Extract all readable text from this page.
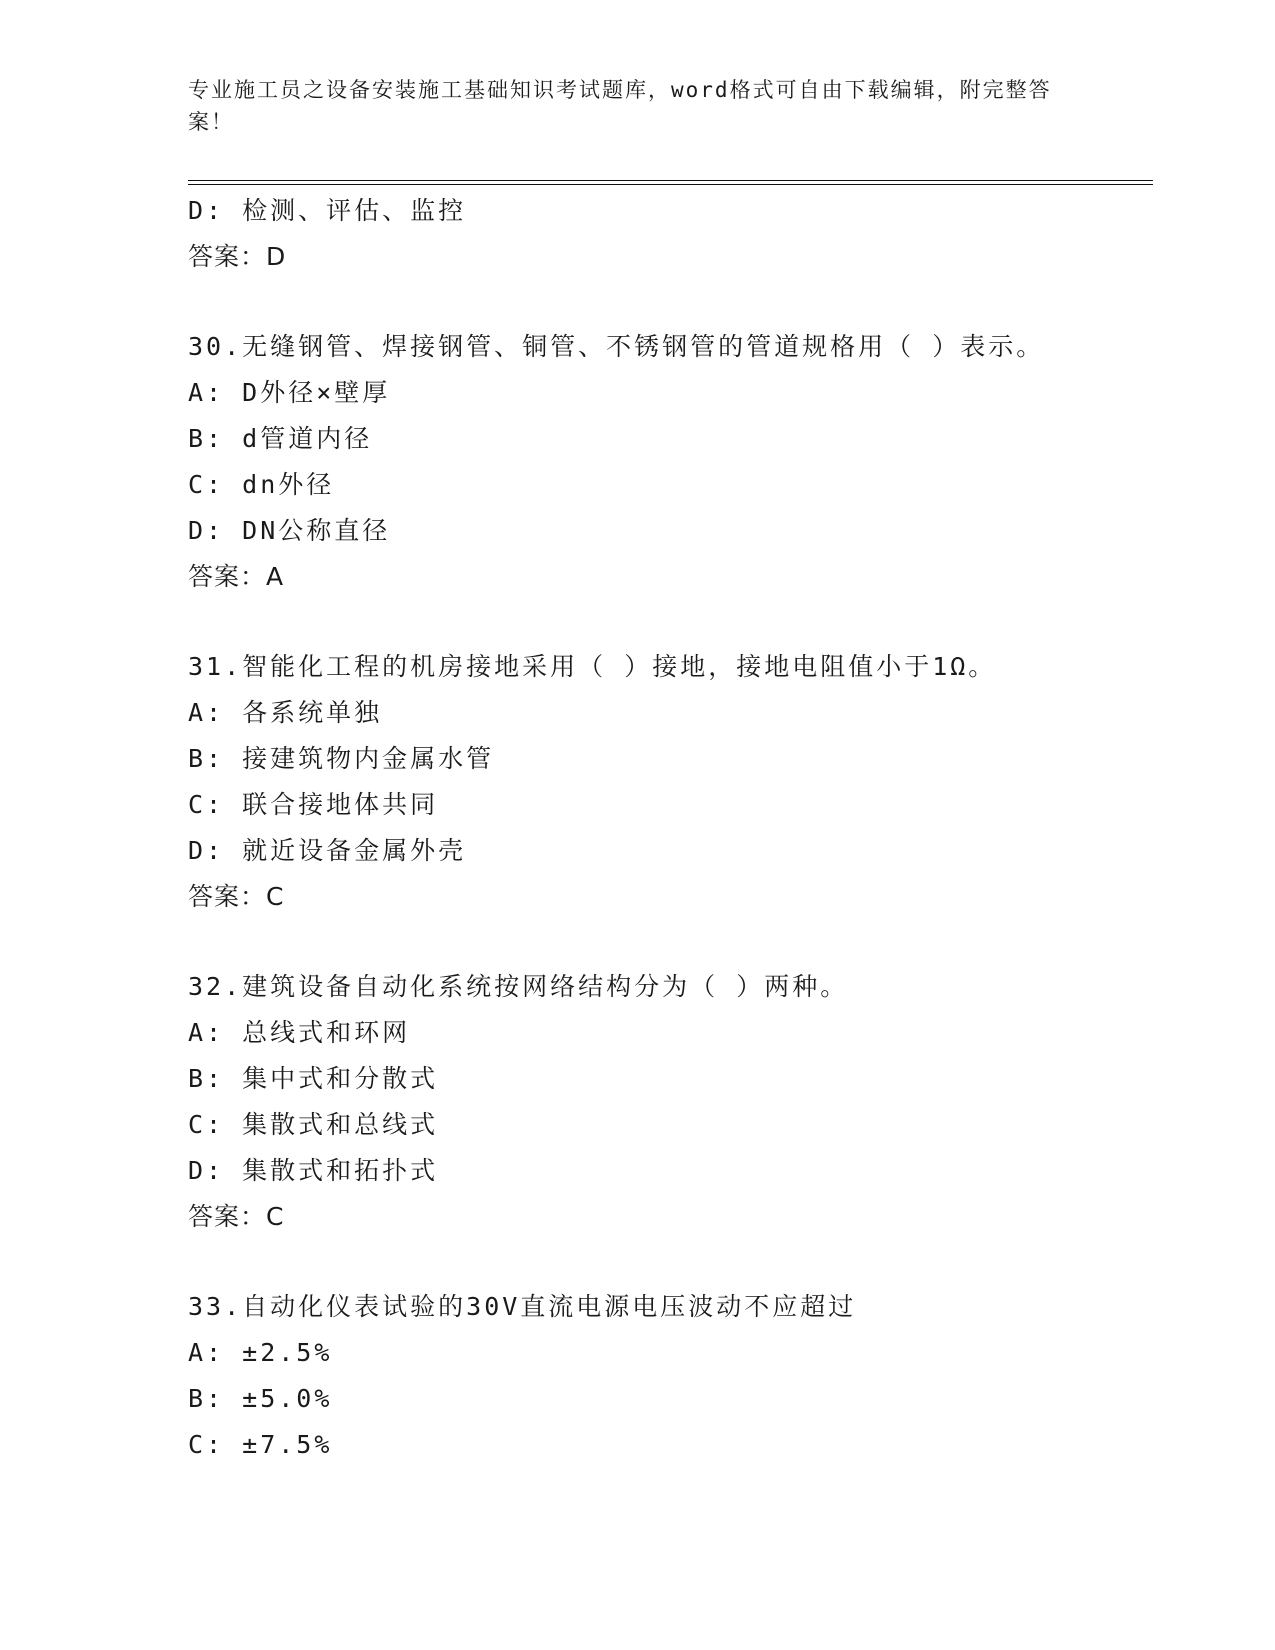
专业施工员之设备安装施工基础知识考试题库，word格式可自由下载编辑，附完整答案！
D: 检测、评估、监控
答案：D
30.无缝钢管、焊接钢管、铜管、不锈钢管的管道规格用（ ）表示。
A: D外径×壁厚
B: d管道内径
C: dn外径
D: DN公称直径
答案：A
31.智能化工程的机房接地采用（ ）接地，接地电阻值小于1Ω。
A: 各系统单独
B: 接建筑物内金属水管
C: 联合接地体共同
D: 就近设备金属外壳
答案：C
32.建筑设备自动化系统按网络结构分为（ ）两种。
A: 总线式和环网
B: 集中式和分散式
C: 集散式和总线式
D: 集散式和拓扑式
答案：C
33.自动化仪表试验的30V直流电源电压波动不应超过
A: ±2.5%
B: ±5.0%
C: ±7.5%
